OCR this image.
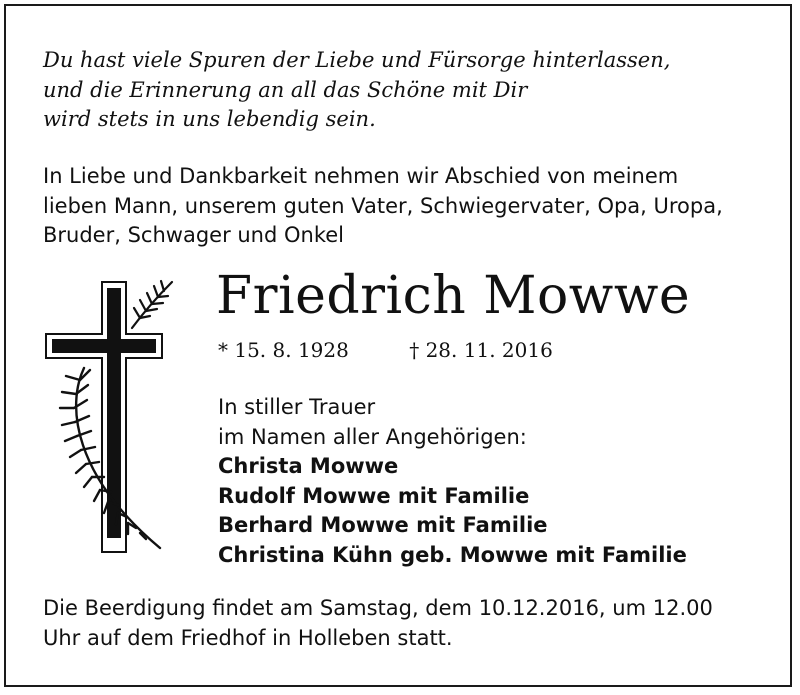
Du hast viele Spuren der Liebe und Fürsorge hinterlassen,
und die Erinnerung an all das Schöne mit Dir
wird stets in uns lebendig sein.
In Liebe und Dankbarkeit nehmen wir Abschied von meinem
lieben Mann, unserem guten Vater, Schwiegervater, Opa, Uropa,
Bruder, Schwager und Onkel
Friedrich Mowwe
* 15. 8. 1928	† 28. 11. 2016
In stiller Trauer
im Namen aller Angehörigen:
Christa Mowwe
Rudolf Mowwe mit Familie
Berhard Mowwe mit Familie
Christina Kühn geb. Mowwe mit Familie
Die Beerdigung findet am Samstag, dem 10.12.2016, um 12.00
Uhr auf dem Friedhof in Holleben statt.
